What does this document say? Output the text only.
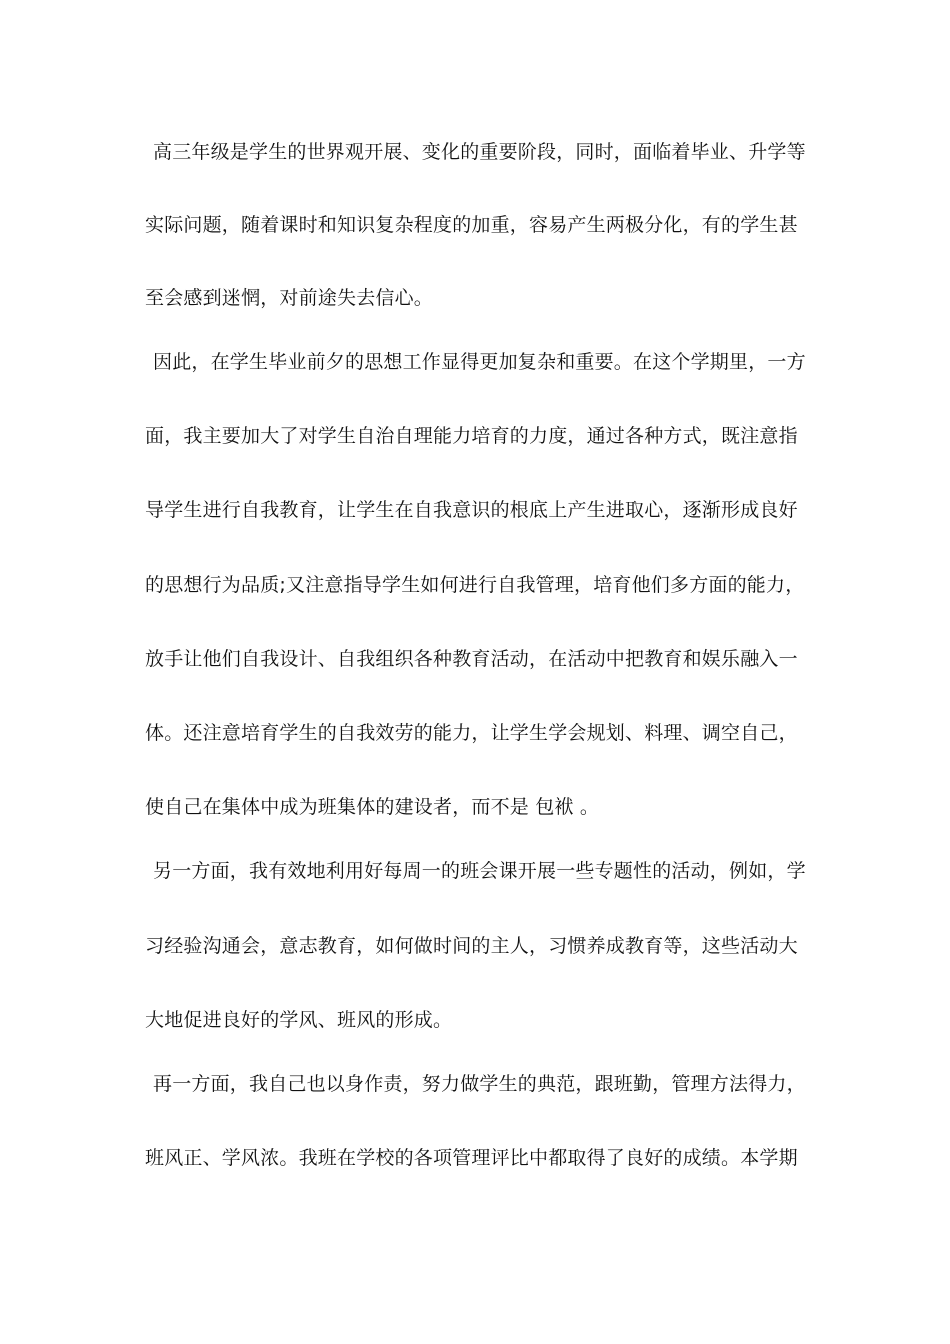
高三年级是学生的世界观开展、变化的重要阶段，同时，面临着毕业、升学等
实际问题，随着课时和知识复杂程度的加重，容易产生两极分化，有的学生甚
至会感到迷惘，对前途失去信心。
因此，在学生毕业前夕的思想工作显得更加复杂和重要。在这个学期里，一方
面，我主要加大了对学生自治自理能力培育的力度，通过各种方式，既注意指
导学生进行自我教育，让学生在自我意识的根底上产生进取心，逐渐形成良好
的思想行为品质;又注意指导学生如何进行自我管理，培育他们多方面的能力，
放手让他们自我设计、自我组织各种教育活动，在活动中把教育和娱乐融入一
体。还注意培育学生的自我效劳的能力，让学生学会规划、料理、调空自己，
使自己在集体中成为班集体的建设者，而不是 包袱 。
另一方面，我有效地利用好每周一的班会课开展一些专题性的活动，例如，学
习经验沟通会，意志教育，如何做时间的主人，习惯养成教育等，这些活动大
大地促进良好的学风、班风的形成。
再一方面，我自己也以身作责，努力做学生的典范，跟班勤，管理方法得力，
班风正、学风浓。我班在学校的各项管理评比中都取得了良好的成绩。本学期
